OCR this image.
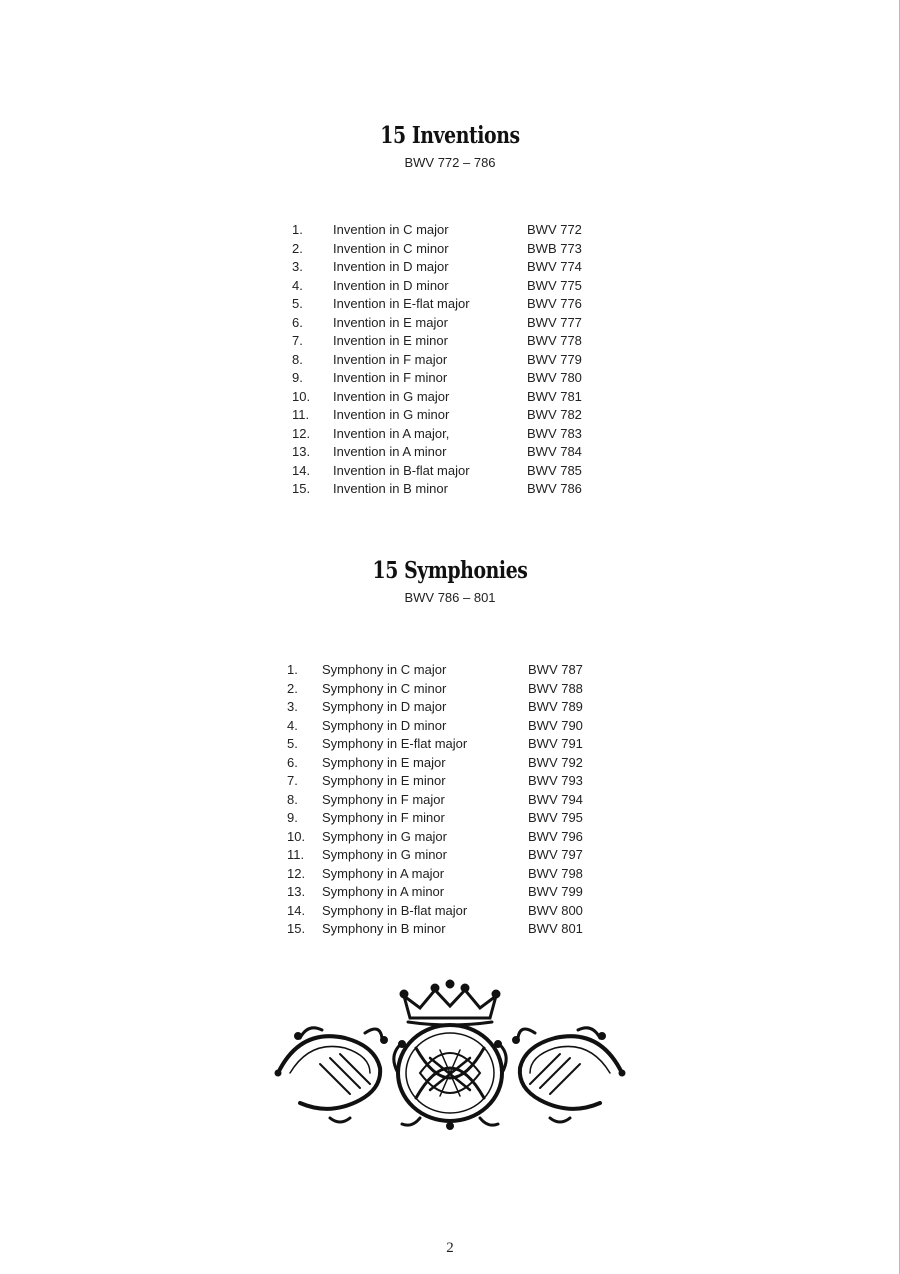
15 Inventions
BWV 772 – 786
1. Invention in C major	BWV 772
2. Invention in C minor	BWB 773
3. Invention in D major	BWV 774
4. Invention in D minor	BWV 775
5. Invention in E-flat major	BWV 776
6. Invention in E major	BWV 777
7. Invention in E minor	BWV 778
8. Invention in F major	BWV 779
9. Invention in F minor	BWV 780
10. Invention in G major	BWV 781
11. Invention in G minor	BWV 782
12. Invention in A major,	BWV 783
13. Invention in A minor	BWV 784
14. Invention in B-flat major	BWV 785
15. Invention in B minor	BWV 786
15 Symphonies
BWV 786 – 801
1. Symphony in C major	BWV 787
2. Symphony in C minor	BWV 788
3. Symphony in D major	BWV 789
4. Symphony in D minor	BWV 790
5. Symphony in E-flat major	BWV 791
6. Symphony in E major	BWV 792
7. Symphony in E minor	BWV 793
8. Symphony in F major	BWV 794
9. Symphony in F minor	BWV 795
10. Symphony in G major	BWV 796
11. Symphony in G minor	BWV 797
12. Symphony in A major	BWV 798
13. Symphony in A minor	BWV 799
14. Symphony in B-flat major	BWV 800
15. Symphony in B minor	BWV 801
2
